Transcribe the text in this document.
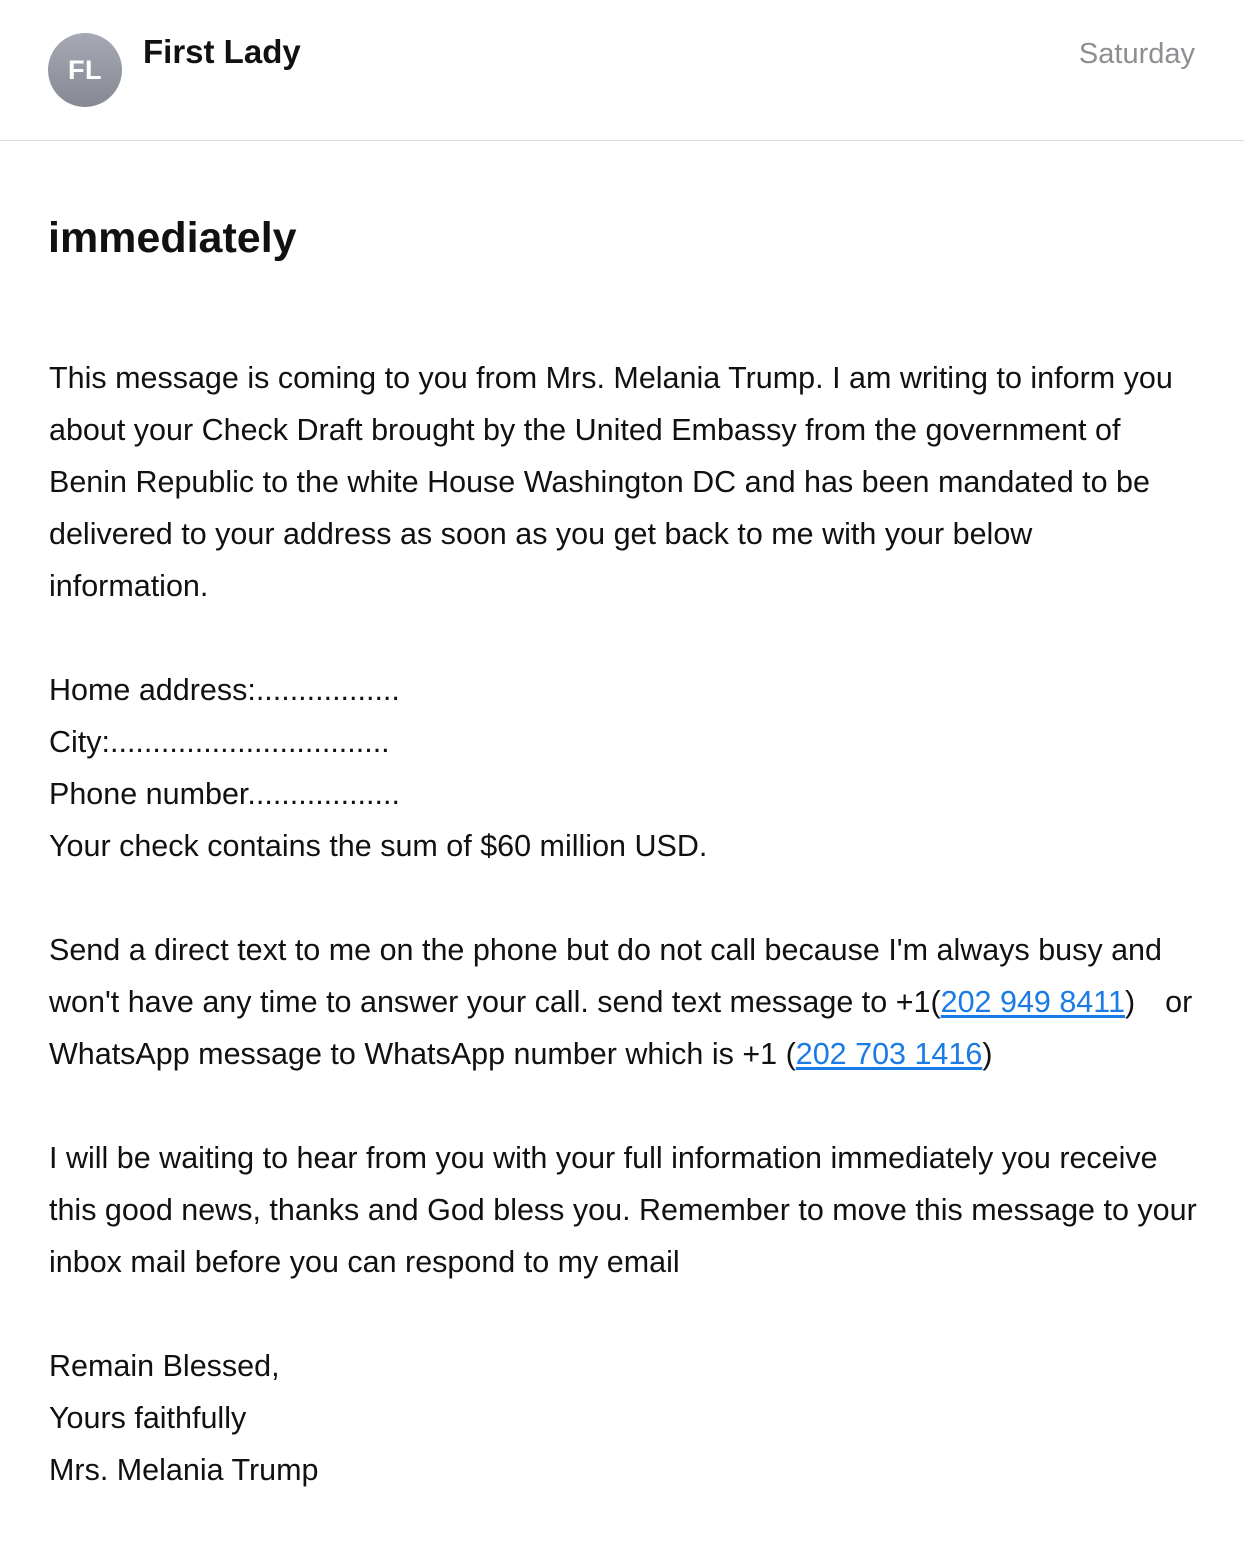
FL	First Lady	Saturday
immediately

This message is coming to you from Mrs. Melania Trump. I am writing to inform you about your Check Draft brought by the United Embassy from the government of Benin Republic to the white House Washington DC and has been mandated to be delivered to your address as soon as you get back to me with your below information.

Home address:.................
City:.................................
Phone number..................
Your check contains the sum of $60 million USD.

Send a direct text to me on the phone but do not call because I'm always busy and won't have any time to answer your call. send text message to +1(202 949 8411) or WhatsApp message to WhatsApp number which is +1 (202 703 1416)

I will be waiting to hear from you with your full information immediately you receive this good news, thanks and God bless you. Remember to move this message to your inbox mail before you can respond to my email

Remain Blessed,
Yours faithfully
Mrs. Melania Trump
